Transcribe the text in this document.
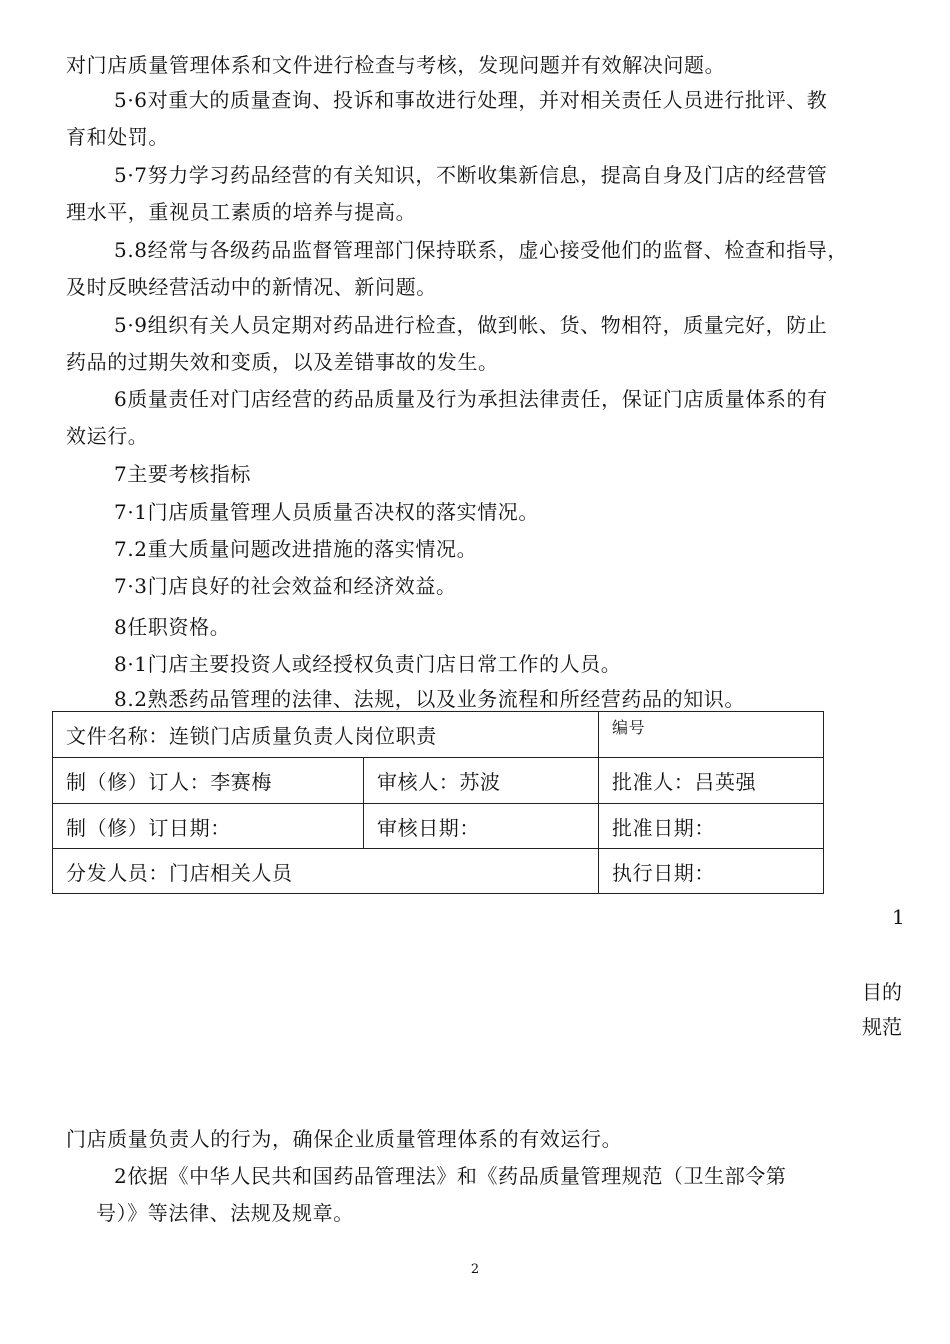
对门店质量管理体系和文件进行检查与考核，发现问题并有效解决问题。
5·6对重大的质量查询、投诉和事故进行处理，并对相关责任人员进行批评、教
育和处罚。
5·7努力学习药品经营的有关知识，不断收集新信息，提高自身及门店的经营管
理水平，重视员工素质的培养与提高。
5.8经常与各级药品监督管理部门保持联系，虚心接受他们的监督、检查和指导，
及时反映经营活动中的新情况、新问题。
5·9组织有关人员定期对药品进行检查，做到帐、货、物相符，质量完好，防止
药品的过期失效和变质，以及差错事故的发生。
6质量责任对门店经营的药品质量及行为承担法律责任，保证门店质量体系的有
效运行。
7主要考核指标
7·1门店质量管理人员质量否决权的落实情况。
7.2重大质量问题改进措施的落实情况。
7·3门店良好的社会效益和经济效益。
8任职资格。
8·1门店主要投资人或经授权负责门店日常工作的人员。
8.2熟悉药品管理的法律、法规，以及业务流程和所经营药品的知识。
文件名称：连锁门店质量负责人岗位职责		编号
制（修）订人：李赛梅	审核人：苏波	批准人：吕英强
制（修）订日期：	审核日期：	批准日期：
分发人员：门店相关人员		执行日期：
1
目的
规范
门店质量负责人的行为，确保企业质量管理体系的有效运行。
2依据《中华人民共和国药品管理法》和《药品质量管理规范（卫生部令第
号）》等法律、法规及规章。
2
